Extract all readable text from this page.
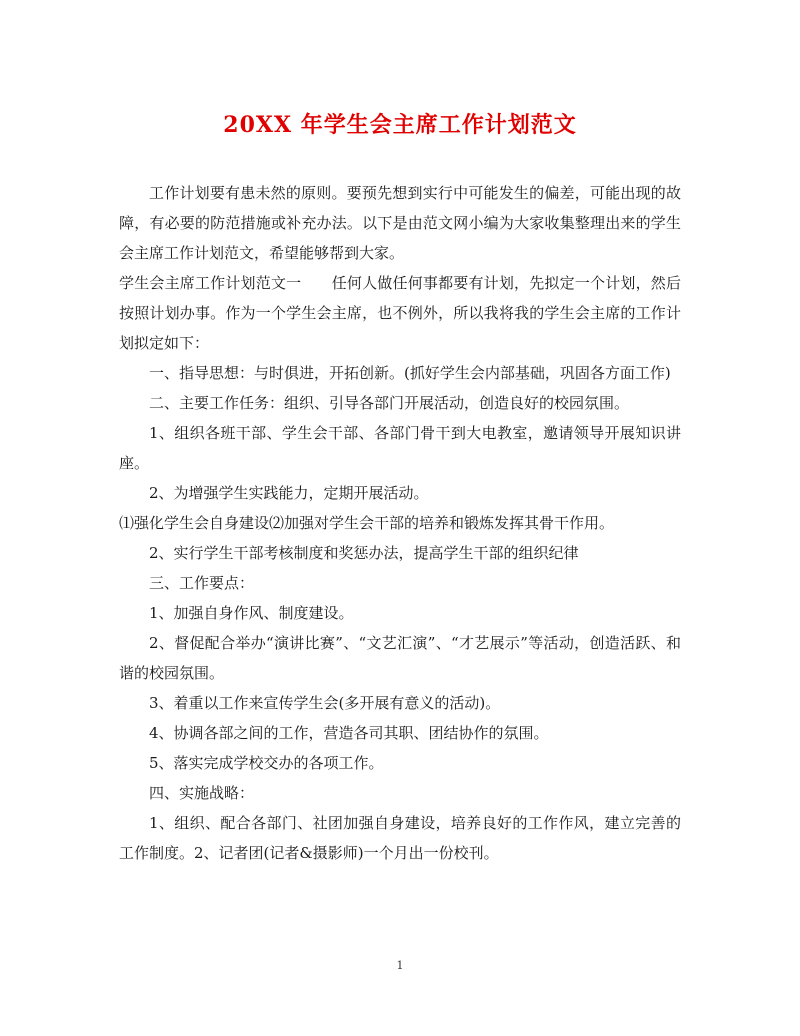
20XX 年学生会主席工作计划范文

工作计划要有患未然的原则。要预先想到实行中可能发生的偏差，可能出现的故障，有必要的防范措施或补充办法。以下是由范文网小编为大家收集整理出来的学生会主席工作计划范文，希望能够帮到大家。

学生会主席工作计划范文一　　任何人做任何事都要有计划，先拟定一个计划，然后按照计划办事。作为一个学生会主席，也不例外，所以我将我的学生会主席的工作计划拟定如下：

一、指导思想：与时俱进，开拓创新。(抓好学生会内部基础，巩固各方面工作)

二、主要工作任务：组织、引导各部门开展活动，创造良好的校园氛围。

1、组织各班干部、学生会干部、各部门骨干到大电教室，邀请领导开展知识讲座。

2、为增强学生实践能力，定期开展活动。

⑴强化学生会自身建设⑵加强对学生会干部的培养和锻炼发挥其骨干作用。

2、实行学生干部考核制度和奖惩办法，提高学生干部的组织纪律

三、工作要点：

1、加强自身作风、制度建设。

2、督促配合举办“演讲比赛”、“文艺汇演”、“才艺展示”等活动，创造活跃、和谐的校园氛围。

3、着重以工作来宣传学生会(多开展有意义的活动)。

4、协调各部之间的工作，营造各司其职、团结协作的氛围。

5、落实完成学校交办的各项工作。

四、实施战略：

1、组织、配合各部门、社团加强自身建设，培养良好的工作作风，建立完善的工作制度。2、记者团(记者&摄影师)一个月出一份校刊。

1
